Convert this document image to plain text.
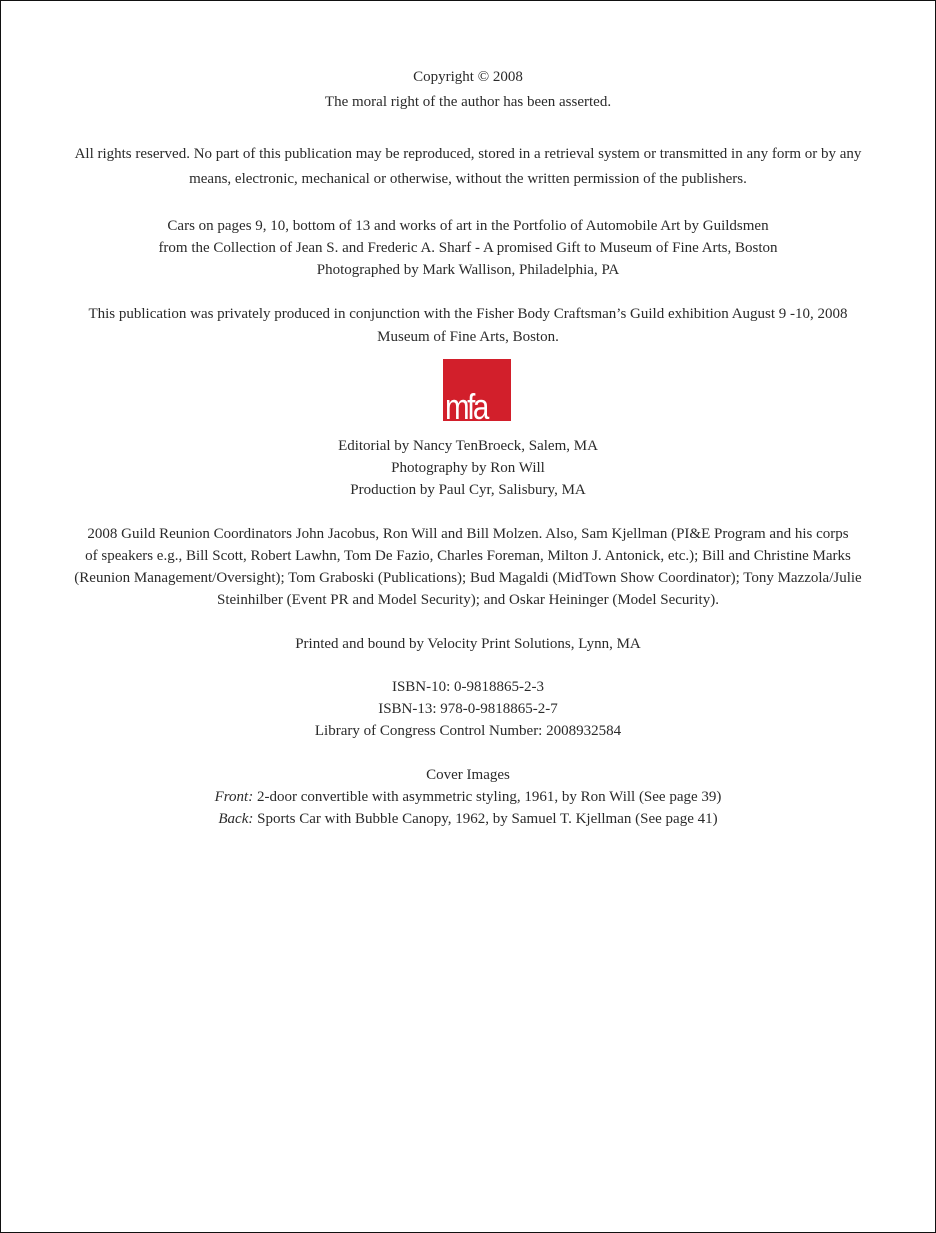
Copyright © 2008
The moral right of the author has been asserted.
All rights reserved. No part of this publication may be reproduced, stored in a retrieval system or transmitted in any form or by any
means, electronic, mechanical or otherwise, without the written permission of the publishers.
Cars on pages 9, 10, bottom of 13 and works of art in the Portfolio of Automobile Art by Guildsmen
from the Collection of Jean S. and Frederic A. Sharf - A promised Gift to Museum of Fine Arts, Boston
Photographed by Mark Wallison, Philadelphia, PA
This publication was privately produced in conjunction with the Fisher Body Craftsman’s Guild exhibition August 9 -10, 2008
Museum of Fine Arts, Boston.
mfa
Editorial by Nancy TenBroeck, Salem, MA
Photography by Ron Will
Production by Paul Cyr, Salisbury, MA
2008 Guild Reunion Coordinators John Jacobus, Ron Will and Bill Molzen. Also, Sam Kjellman (PI&E Program and his corps
of speakers e.g., Bill Scott, Robert Lawhn, Tom De Fazio, Charles Foreman, Milton J. Antonick, etc.); Bill and Christine Marks
(Reunion Management/Oversight); Tom Graboski (Publications); Bud Magaldi (MidTown Show Coordinator); Tony Mazzola/Julie
Steinhilber (Event PR and Model Security); and Oskar Heininger (Model Security).
Printed and bound by Velocity Print Solutions, Lynn, MA
ISBN-10: 0-9818865-2-3
ISBN-13: 978-0-9818865-2-7
Library of Congress Control Number: 2008932584
Cover Images
Front: 2-door convertible with asymmetric styling, 1961, by Ron Will (See page 39)
Back: Sports Car with Bubble Canopy, 1962, by Samuel T. Kjellman (See page 41)
